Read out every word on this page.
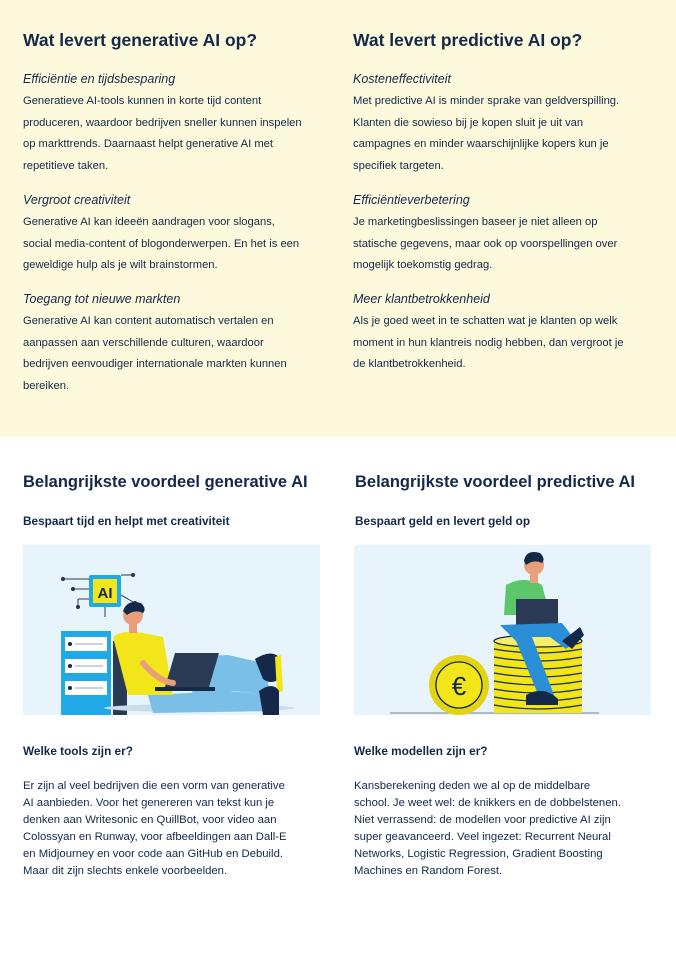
Wat levert generative AI op?

Efficiëntie en tijdsbesparing

Generatieve AI-tools kunnen in korte tijd content

produceren, waardoor bedrijven sneller kunnen inspelen

op markttrends. Daarnaast helpt generative AI met

repetitieve taken.

Vergroot creativiteit

Generative AI kan ideeën aandragen voor slogans,

social media-content of blogonderwerpen. En het is een

geweldige hulp als je wilt brainstormen.

Toegang tot nieuwe markten

Generative AI kan content automatisch vertalen en

aanpassen aan verschillende culturen, waardoor

bedrijven eenvoudiger internationale markten kunnen

bereiken.

Wat levert predictive AI op?

Kosteneffectiviteit

Met predictive AI is minder sprake van geldverspilling.

Klanten die sowieso bij je kopen sluit je uit van

campagnes en minder waarschijnlijke kopers kun je

specifiek targeten.

Efficiëntieverbetering

Je marketingbeslissingen baseer je niet alleen op

statische gegevens, maar ook op voorspellingen over

mogelijk toekomstig gedrag.

Meer klantbetrokkenheid

Als je goed weet in te schatten wat je klanten op welk

moment in hun klantreis nodig hebben, dan vergroot je

de klantbetrokkenheid.

Belangrijkste voordeel generative AI

Bespaart tijd en helpt met creativiteit

AI

Welke tools zijn er?

Er zijn al veel bedrijven die een vorm van generative

AI aanbieden. Voor het genereren van tekst kun je

denken aan Writesonic en QuillBot, voor video aan

Colossyan en Runway, voor afbeeldingen aan Dall-E

en Midjourney en voor code aan GitHub en Debuild.

Maar dit zijn slechts enkele voorbeelden.

Belangrijkste voordeel predictive AI

Bespaart geld en levert geld op

€

Welke modellen zijn er?

Kansberekening deden we al op de middelbare

school. Je weet wel: de knikkers en de dobbelstenen.

Niet verrassend: de modellen voor predictive AI zijn

super geavanceerd. Veel ingezet: Recurrent Neural

Networks, Logistic Regression, Gradient Boosting

Machines en Random Forest.
